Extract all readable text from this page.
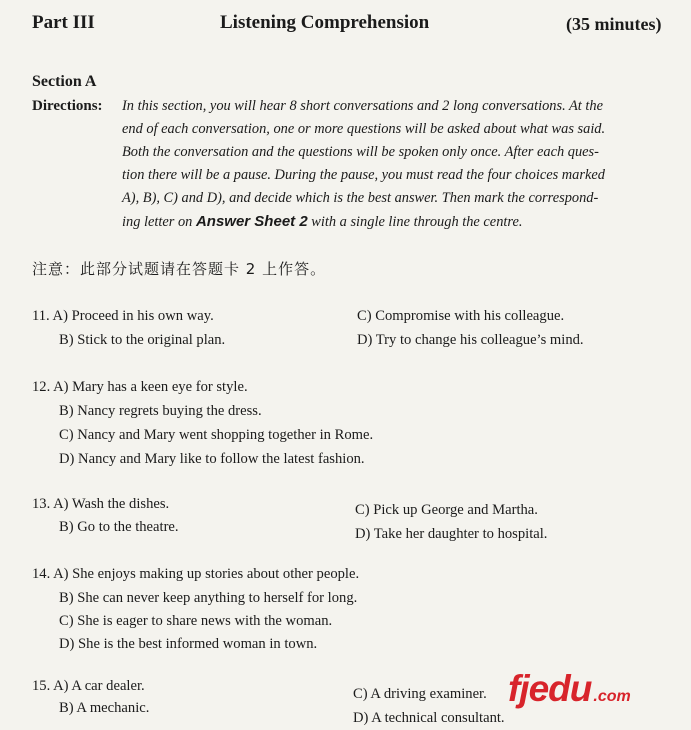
Part III	Listening Comprehension	(35 minutes)
Section A
Directions: In this section, you will hear 8 short conversations and 2 long conversations. At the
end of each conversation, one or more questions will be asked about what was said.
Both the conversation and the questions will be spoken only once. After each ques-
tion there will be a pause. During the pause, you must read the four choices marked
A), B), C) and D), and decide which is the best answer. Then mark the correspond-
ing letter on Answer Sheet 2 with a single line through the centre.
注意：此部分试题请在答题卡 2 上作答。
11. A) Proceed in his own way.
B) Stick to the original plan.
C) Compromise with his colleague.
D) Try to change his colleague’s mind.
12. A) Mary has a keen eye for style.
B) Nancy regrets buying the dress.
C) Nancy and Mary went shopping together in Rome.
D) Nancy and Mary like to follow the latest fashion.
13. A) Wash the dishes.
B) Go to the theatre.
C) Pick up George and Martha.
D) Take her daughter to hospital.
14. A) She enjoys making up stories about other people.
B) She can never keep anything to herself for long.
C) She is eager to share news with the woman.
D) She is the best informed woman in town.
15. A) A car dealer.
B) A mechanic.
C) A driving examiner.
D) A technical consultant.
fjedu .com
